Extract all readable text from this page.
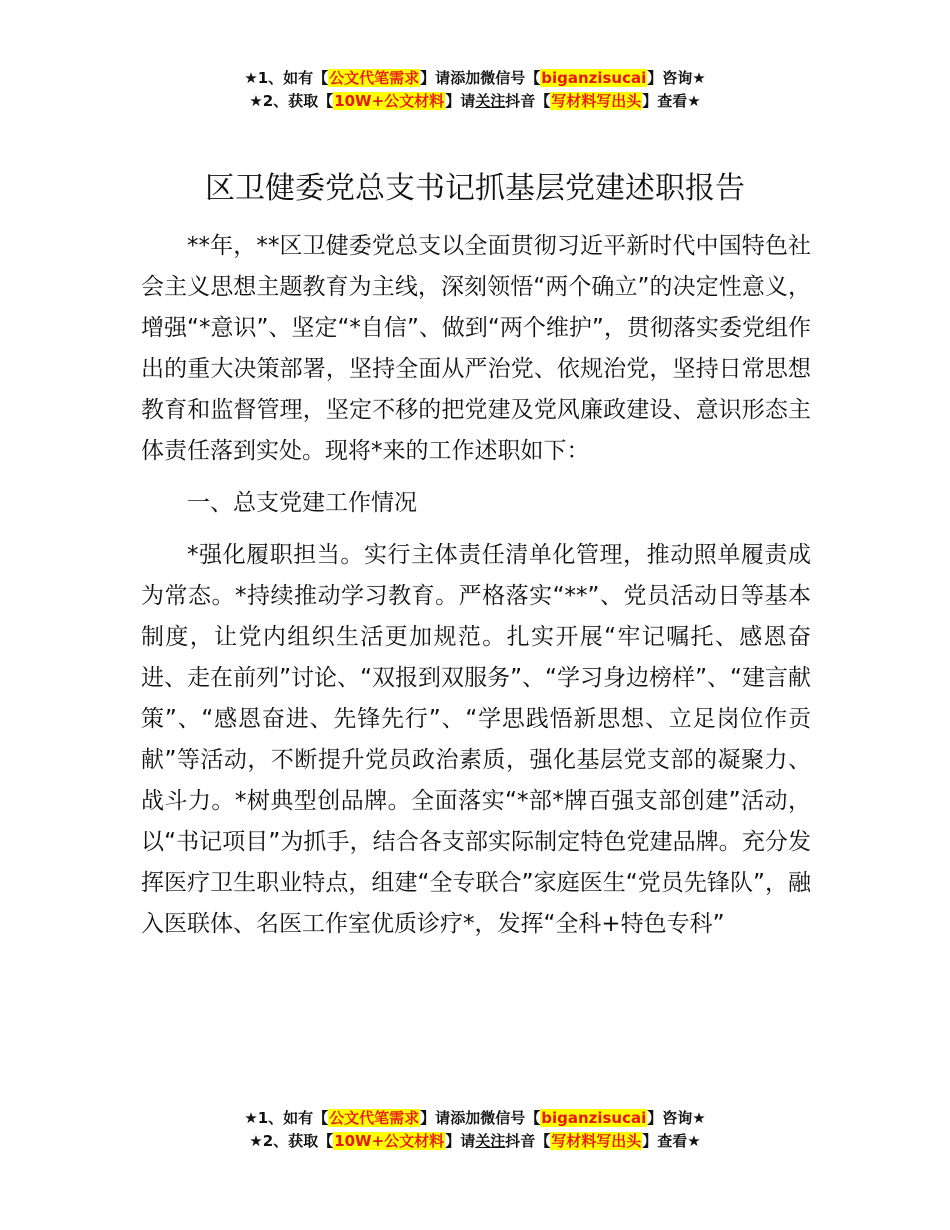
★1、如有【公文代笔需求】请添加微信号【biganzisucai】咨询★
★2、获取【10W+公文材料】请关注抖音【写材料写出头】查看★
区卫健委党总支书记抓基层党建述职报告

**年，**区卫健委党总支以全面贯彻习近平新时代中国特色社会主义思想主题教育为主线，深刻领悟“两个确立”的决定性意义，增强“*意识”、坚定“*自信”、做到“两个维护”，贯彻落实委党组作出的重大决策部署，坚持全面从严治党、依规治党，坚持日常思想教育和监督管理，坚定不移的把党建及党风廉政建设、意识形态主体责任落到实处。现将*来的工作述职如下：

一、总支党建工作情况

*强化履职担当。实行主体责任清单化管理，推动照单履责成为常态。*持续推动学习教育。严格落实“**”、党员活动日等基本制度，让党内组织生活更加规范。扎实开展“牢记嘱托、感恩奋进、走在前列”讨论、“双报到双服务”、“学习身边榜样”、“建言献策”、“感恩奋进、先锋先行”、“学思践悟新思想、立足岗位作贡献”等活动，不断提升党员政治素质，强化基层党支部的凝聚力、战斗力。*树典型创品牌。全面落实“*部*牌百强支部创建”活动，以“书记项目”为抓手，结合各支部实际制定特色党建品牌。充分发挥医疗卫生职业特点，组建“全专联合”家庭医生“党员先锋队”，融入医联体、名医工作室优质诊疗*，发挥“全科+特色专科”

★1、如有【公文代笔需求】请添加微信号【biganzisucai】咨询★
★2、获取【10W+公文材料】请关注抖音【写材料写出头】查看★
